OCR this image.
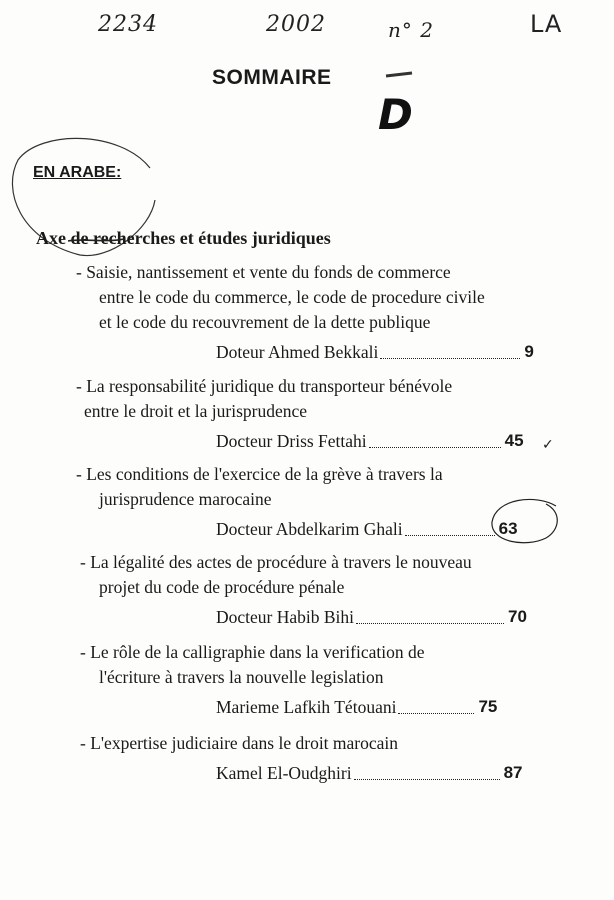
2234	2002	n° 2	LA
SOMMAIRE
D
EN ARABE:
Axe de recherches et études juridiques
- Saisie, nantissement et vente du fonds de commerce
entre le code du commerce, le code de procedure civile
et le code du recouvrement de la dette publique
Doteur Ahmed Bekkali	9
- La responsabilité juridique du transporteur bénévole
entre le droit et la jurisprudence
Docteur Driss Fettahi	45 ✓
- Les conditions de l'exercice de la grève à travers la
jurisprudence marocaine
Docteur Abdelkarim Ghali	63
- La légalité des actes de procédure à travers le nouveau
projet du code de procédure pénale
Docteur Habib Bihi	70
- Le rôle de la calligraphie dans la verification de
l'écriture à travers la nouvelle legislation
Marieme Lafkih Tétouani	75
- L'expertise judiciaire dans le droit marocain
Kamel El-Oudghiri	87
